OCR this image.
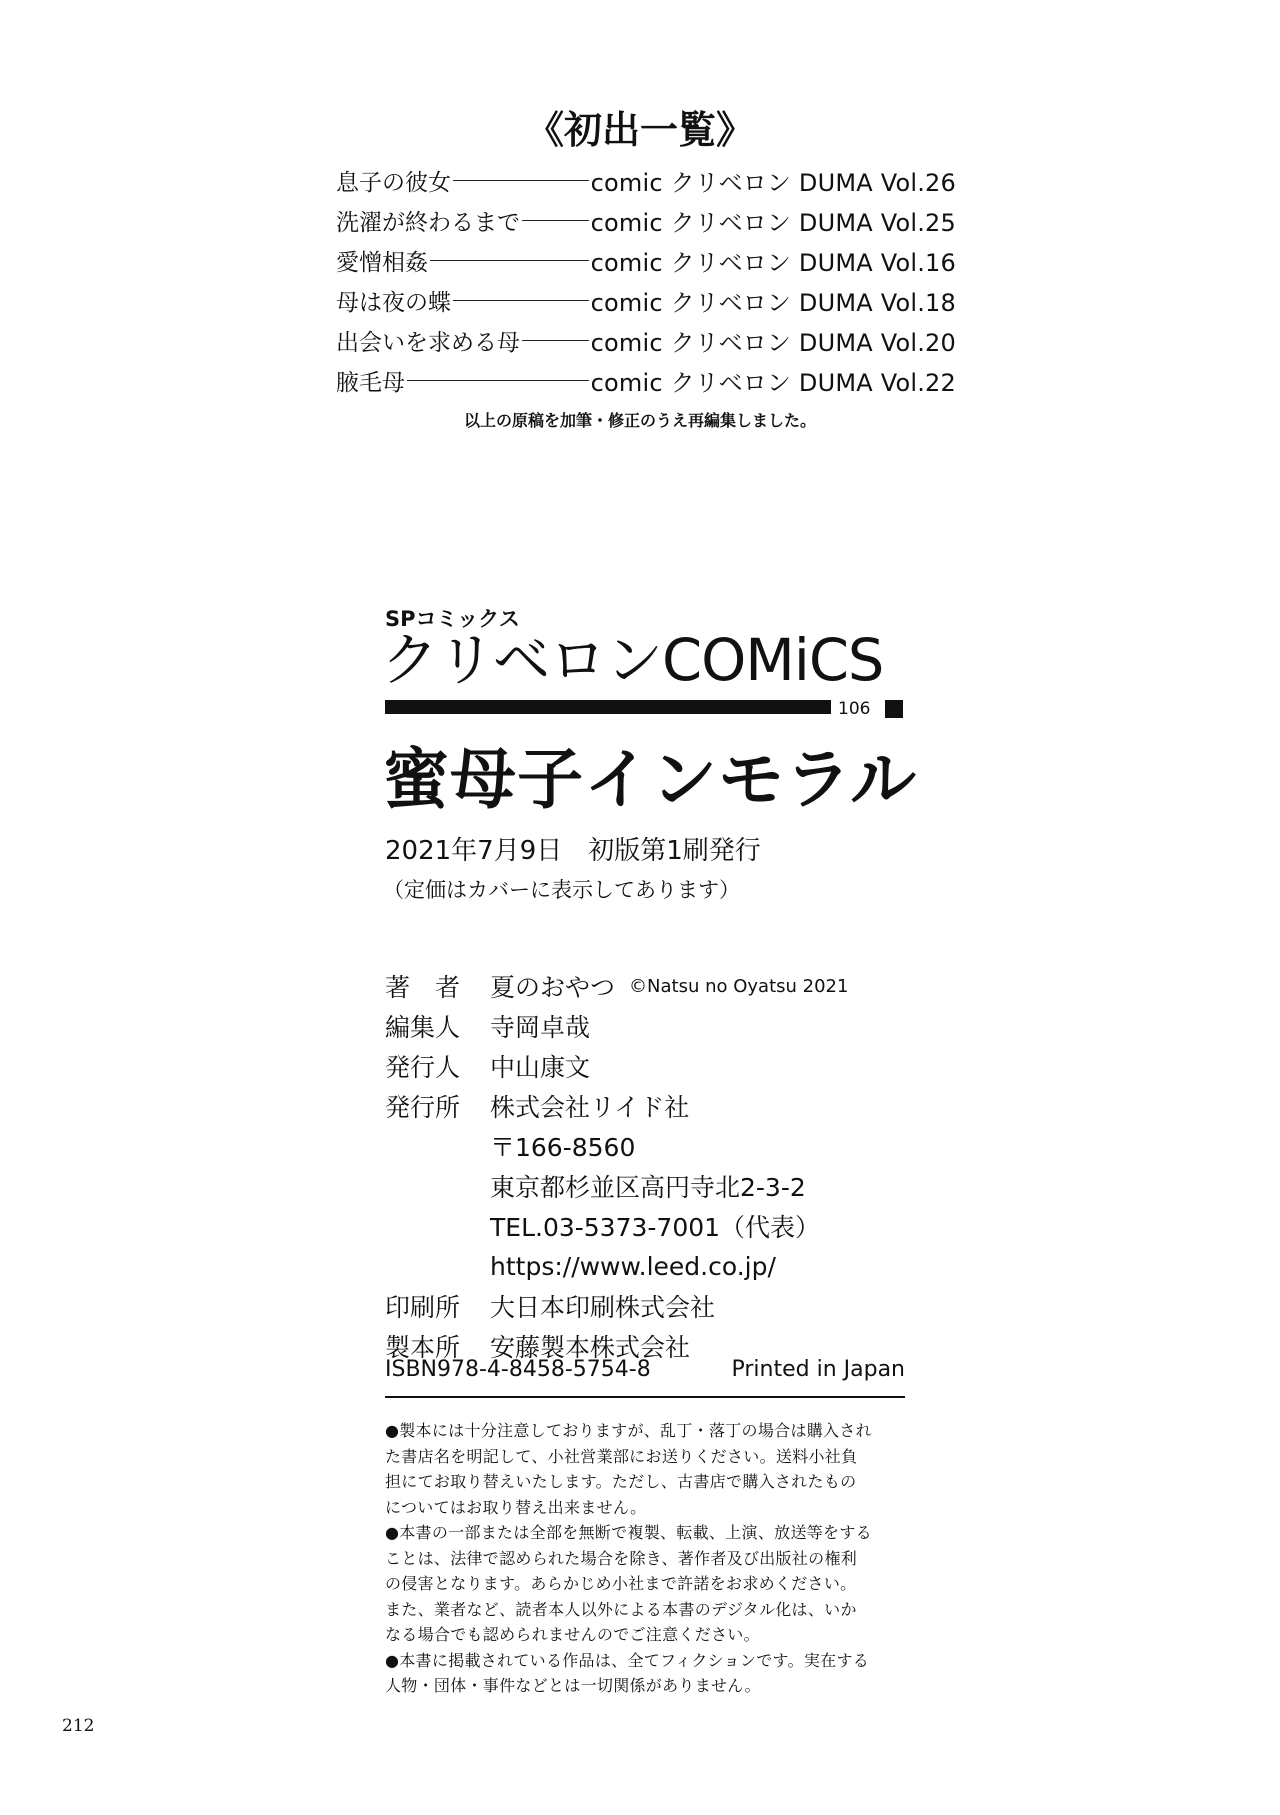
《初出一覧》
息子の彼女	comic クリベロン DUMA Vol.26
洗濯が終わるまで	comic クリベロン DUMA Vol.25
愛憎相姦	comic クリベロン DUMA Vol.16
母は夜の蝶	comic クリベロン DUMA Vol.18
出会いを求める母	comic クリベロン DUMA Vol.20
腋毛母	comic クリベロン DUMA Vol.22
以上の原稿を加筆・修正のうえ再編集しました。
SPコミックス
クリベロンCOMiCS
106
蜜母子インモラル
2021年7月9日　初版第1刷発行
（定価はカバーに表示してあります）
著　者	夏のおやつ ©Natsu no Oyatsu 2021
編集人	寺岡卓哉
発行人	中山康文
発行所	株式会社リイド社
〒166-8560
東京都杉並区高円寺北2-3-2
TEL.03-5373-7001（代表）
https://www.leed.co.jp/
印刷所	大日本印刷株式会社
製本所	安藤製本株式会社
ISBN978-4-8458-5754-8	Printed in Japan
●製本には十分注意しておりますが、乱丁・落丁の場合は購入され
た書店名を明記して、小社営業部にお送りください。送料小社負
担にてお取り替えいたします。ただし、古書店で購入されたもの
についてはお取り替え出来ません。
●本書の一部または全部を無断で複製、転載、上演、放送等をする
ことは、法律で認められた場合を除き、著作者及び出版社の権利
の侵害となります。あらかじめ小社まで許諾をお求めください。
また、業者など、読者本人以外による本書のデジタル化は、いか
なる場合でも認められませんのでご注意ください。
●本書に掲載されている作品は、全てフィクションです。実在する
人物・団体・事件などとは一切関係がありません。
212
